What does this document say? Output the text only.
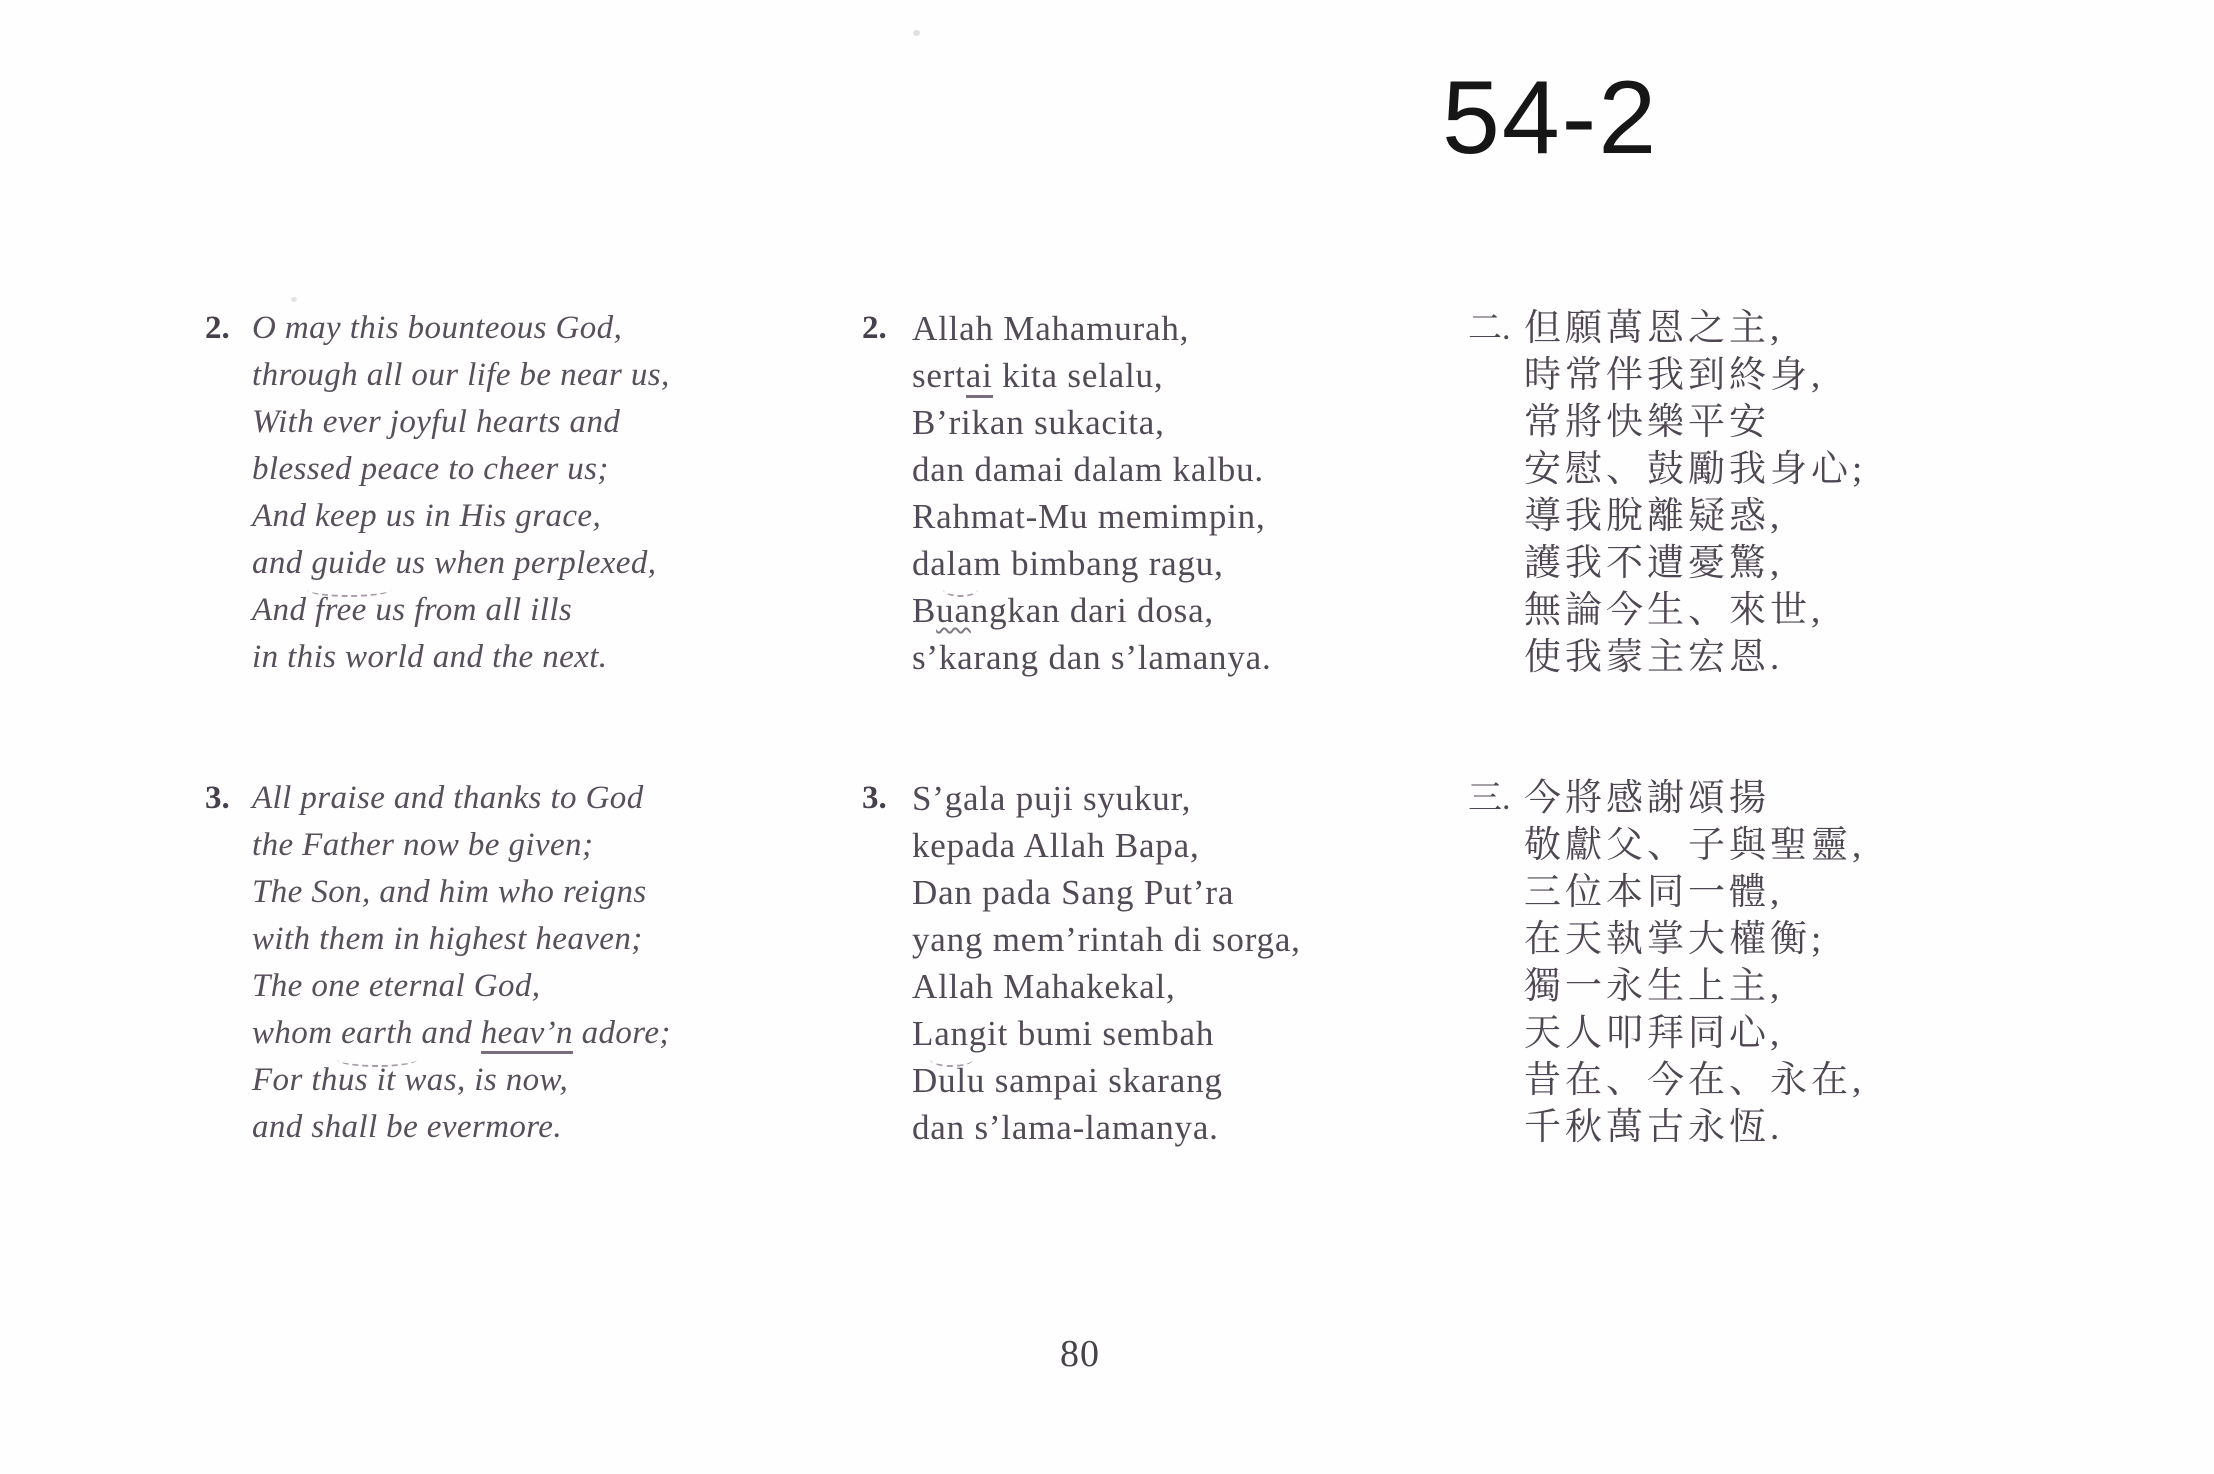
54-2
2. O may this bounteous God,
through all our life be near us,
With ever joyful hearts and
blessed peace to cheer us;
And keep us in His grace,
and guide us when perplexed,
And free us from all ills
in this world and the next.
3. All praise and thanks to God
the Father now be given;
The Son, and him who reigns
with them in highest heaven;
The one eternal God,
whom earth and heav’n adore;
For thus it was, is now,
and shall be evermore.
2. Allah Mahamurah,
sertai kita selalu,
B’rikan sukacita,
dan damai dalam kalbu.
Rahmat-Mu memimpin,
dalam bimbang ragu,
Buangkan dari dosa,
s’karang dan s’lamanya.
3. S’gala puji syukur,
kepada Allah Bapa,
Dan pada Sang Put’ra
yang mem’rintah di sorga,
Allah Mahakekal,
Langit bumi sembah
Dulu sampai skarang
dan s’lama-lamanya.
二. 但願萬恩之主,
時常伴我到終身,
常將快樂平安
安慰、鼓勵我身心;
導我脫離疑惑,
護我不遭憂驚,
無論今生、來世,
使我蒙主宏恩.
三. 今將感謝頌揚
敬獻父、子與聖靈,
三位本同一體,
在天執掌大權衡;
獨一永生上主,
天人叩拜同心,
昔在、今在、永在,
千秋萬古永恆.
80
